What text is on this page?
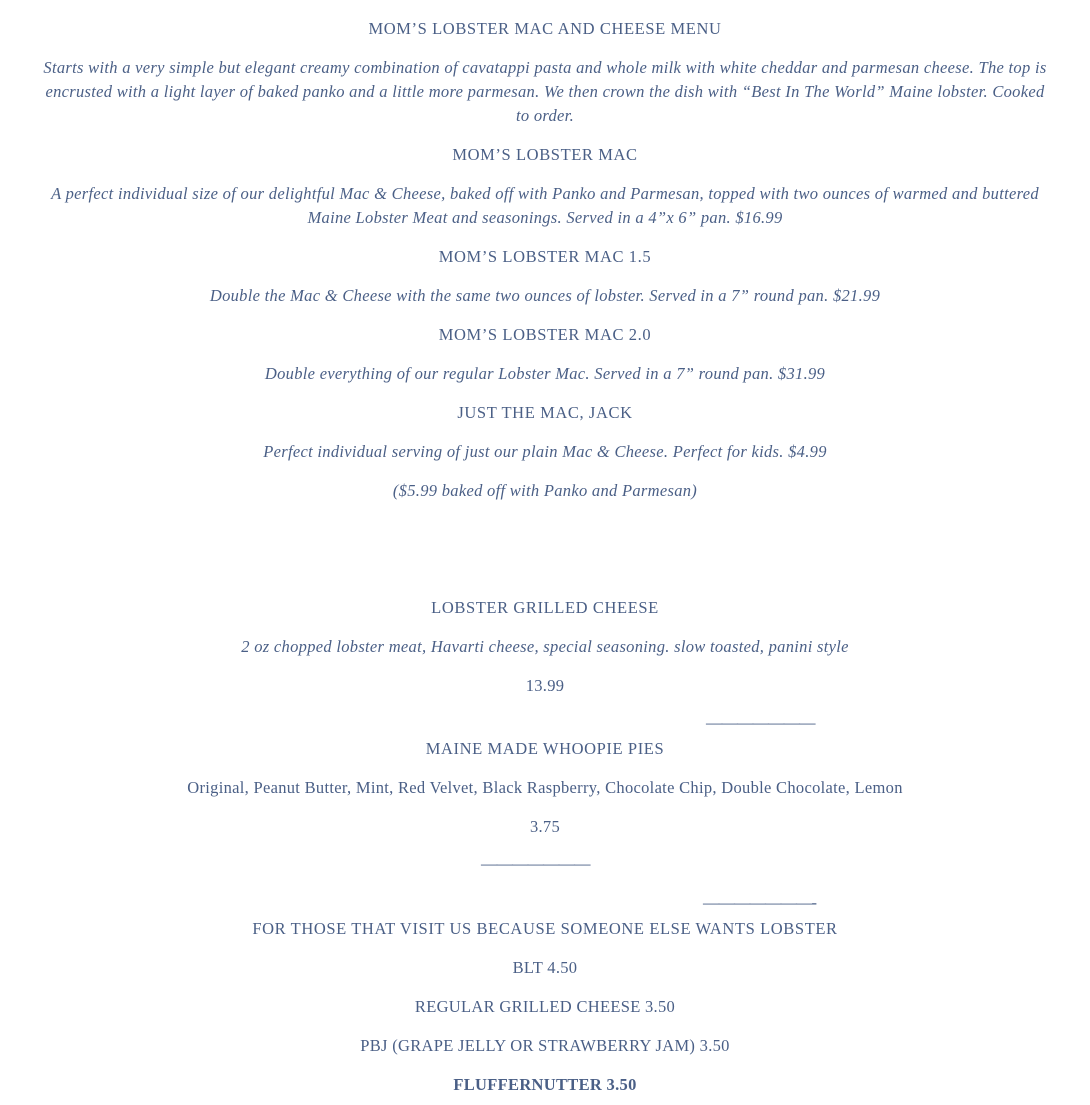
MOM’S LOBSTER MAC AND CHEESE MENU
Starts with a very simple but elegant creamy combination of cavatappi pasta and whole milk with white cheddar and parmesan cheese. The top is encrusted with a light layer of baked panko and a little more parmesan. We then crown the dish with “Best In The World” Maine lobster. Cooked to order.
MOM’S LOBSTER MAC
A perfect individual size of our delightful Mac & Cheese, baked off with Panko and Parmesan, topped with two ounces of warmed and buttered Maine Lobster Meat and seasonings. Served in a 4”x 6” pan. $16.99
MOM’S LOBSTER MAC 1.5
Double the Mac & Cheese with the same two ounces of lobster. Served in a 7” round pan. $21.99
MOM’S LOBSTER MAC 2.0
Double everything of our regular Lobster Mac. Served in a 7” round pan. $31.99
JUST THE MAC, JACK
Perfect individual serving of just our plain Mac & Cheese. Perfect for kids. $4.99
($5.99 baked off with Panko and Parmesan)
LOBSTER GRILLED CHEESE
2 oz chopped lobster meat, Havarti cheese, special seasoning. slow toasted, panini style
13.99
———————
MAINE MADE WHOOPIE PIES
Original, Peanut Butter, Mint, Red Velvet, Black Raspberry, Chocolate Chip, Double Chocolate, Lemon
3.75
———————
———————-
FOR THOSE THAT VISIT US BECAUSE SOMEONE ELSE WANTS LOBSTER
BLT 4.50
REGULAR GRILLED CHEESE 3.50
PBJ (GRAPE JELLY OR STRAWBERRY JAM) 3.50
FLUFFERNUTTER 3.50
